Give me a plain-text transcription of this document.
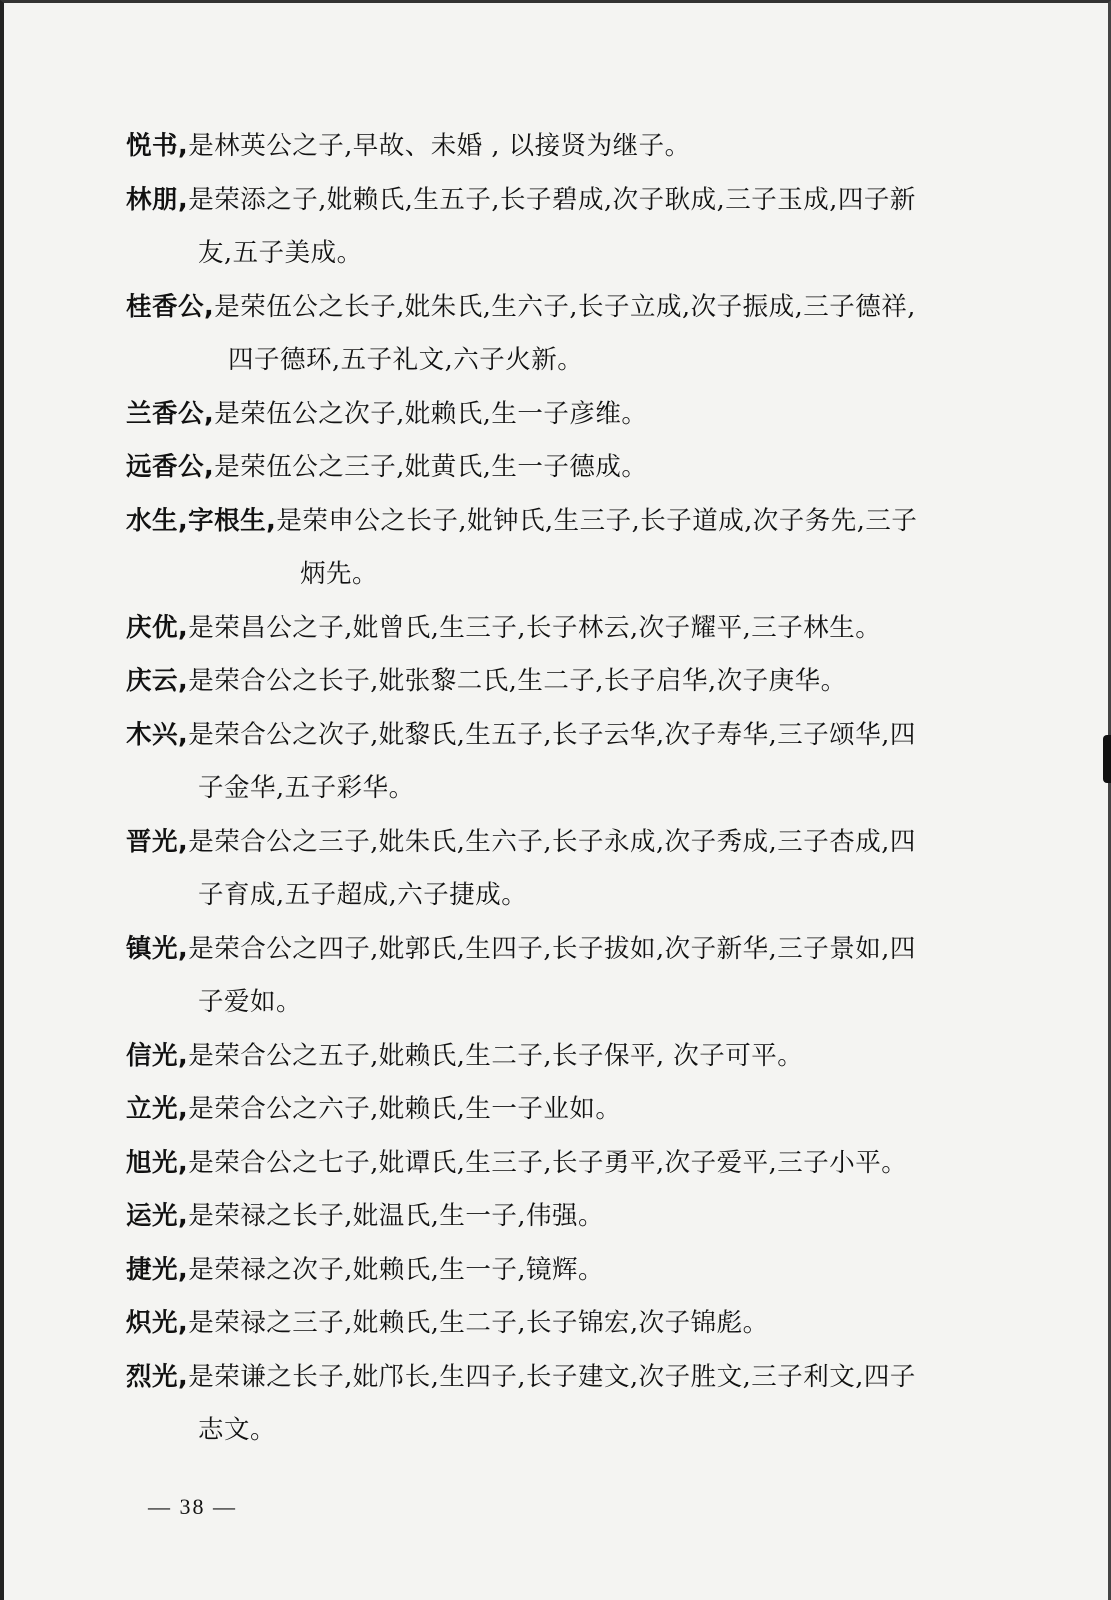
悦书,是林英公之子,早故、未婚 , 以接贤为继子。
林朋,是荣添之子,妣赖氏,生五子,长子碧成,次子耿成,三子玉成,四子新
友,五子美成。
桂香公,是荣伍公之长子,妣朱氏,生六子,长子立成,次子振成,三子德祥,
四子德环,五子礼文,六子火新。
兰香公,是荣伍公之次子,妣赖氏,生一子彦维。
远香公,是荣伍公之三子,妣黄氏,生一子德成。
水生,字根生,是荣申公之长子,妣钟氏,生三子,长子道成,次子务先,三子
炳先。
庆优,是荣昌公之子,妣曾氏,生三子,长子林云,次子耀平,三子林生。
庆云,是荣合公之长子,妣张黎二氏,生二子,长子启华,次子庚华。
木兴,是荣合公之次子,妣黎氏,生五子,长子云华,次子寿华,三子颂华,四
子金华,五子彩华。
晋光,是荣合公之三子,妣朱氏,生六子,长子永成,次子秀成,三子杏成,四
子育成,五子超成,六子捷成。
镇光,是荣合公之四子,妣郭氏,生四子,长子拔如,次子新华,三子景如,四
子爱如。
信光,是荣合公之五子,妣赖氏,生二子,长子保平, 次子可平。
立光,是荣合公之六子,妣赖氏,生一子业如。
旭光,是荣合公之七子,妣谭氏,生三子,长子勇平,次子爱平,三子小平。
运光,是荣禄之长子,妣温氏,生一子,伟强。
捷光,是荣禄之次子,妣赖氏,生一子,镜辉。
炽光,是荣禄之三子,妣赖氏,生二子,长子锦宏,次子锦彪。
烈光,是荣谦之长子,妣邝长,生四子,长子建文,次子胜文,三子利文,四子
志文。
— 38 —
